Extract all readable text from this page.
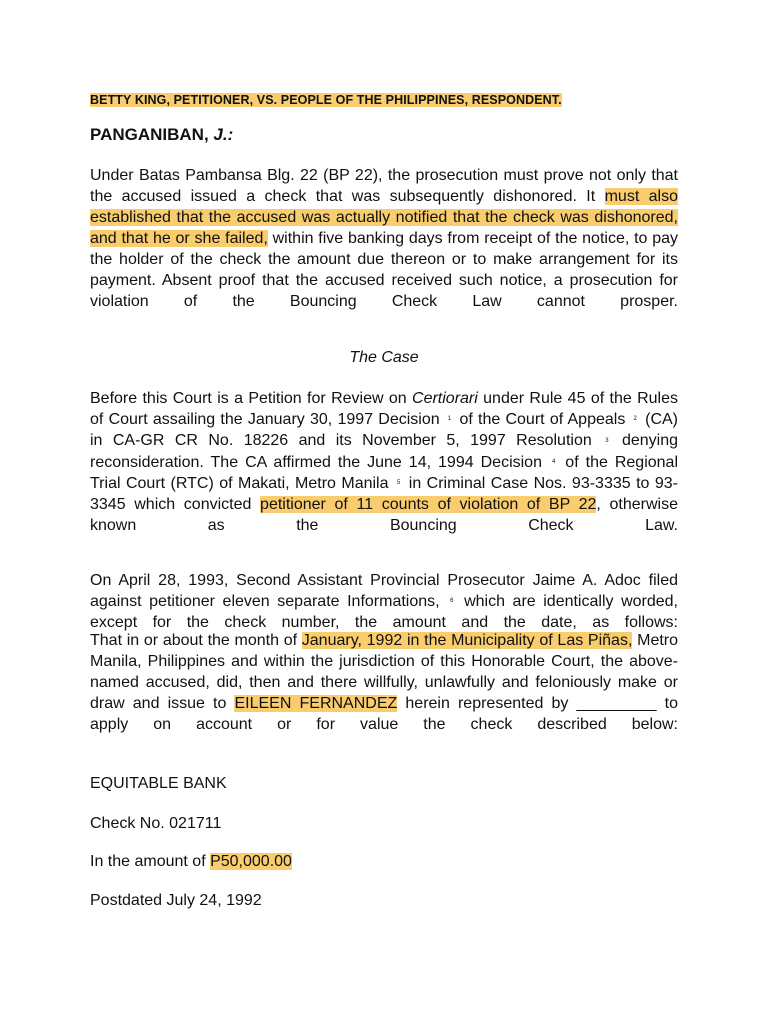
BETTY KING, PETITIONER, VS. PEOPLE OF THE PHILIPPINES, RESPONDENT.
PANGANIBAN, J.:

Under Batas Pambansa Blg. 22 (BP 22), the prosecution must prove not only that the accused issued a check that was subsequently dishonored. It must also established that the accused was actually notified that the check was dishonored, and that he or she failed, within five banking days from receipt of the notice, to pay the holder of the check the amount due thereon or to make arrangement for its payment. Absent proof that the accused received such notice, a prosecution for violation of the Bouncing Check Law cannot prosper.

The Case

Before this Court is a Petition for Review on Certiorari under Rule 45 of the Rules of Court assailing the January 30, 1997 Decision 1 of the Court of Appeals 2 (CA) in CA-GR CR No. 18226 and its November 5, 1997 Resolution 3 denying reconsideration. The CA affirmed the June 14, 1994 Decision 4 of the Regional Trial Court (RTC) of Makati, Metro Manila 5 in Criminal Case Nos. 93-3335 to 93-3345 which convicted petitioner of 11 counts of violation of BP 22, otherwise known as the Bouncing Check Law.

On April 28, 1993, Second Assistant Provincial Prosecutor Jaime A. Adoc filed against petitioner eleven separate Informations, 6 which are identically worded, except for the check number, the amount and the date, as follows:

That in or about the month of January, 1992 in the Municipality of Las Piñas, Metro Manila, Philippines and within the jurisdiction of this Honorable Court, the above-named accused, did, then and there willfully, unlawfully and feloniously make or draw and issue to EILEEN FERNANDEZ herein represented by _________ to apply on account or for value the check described below:

EQUITABLE BANK
Check No. 021711
In the amount of P50,000.00
Postdated July 24, 1992
